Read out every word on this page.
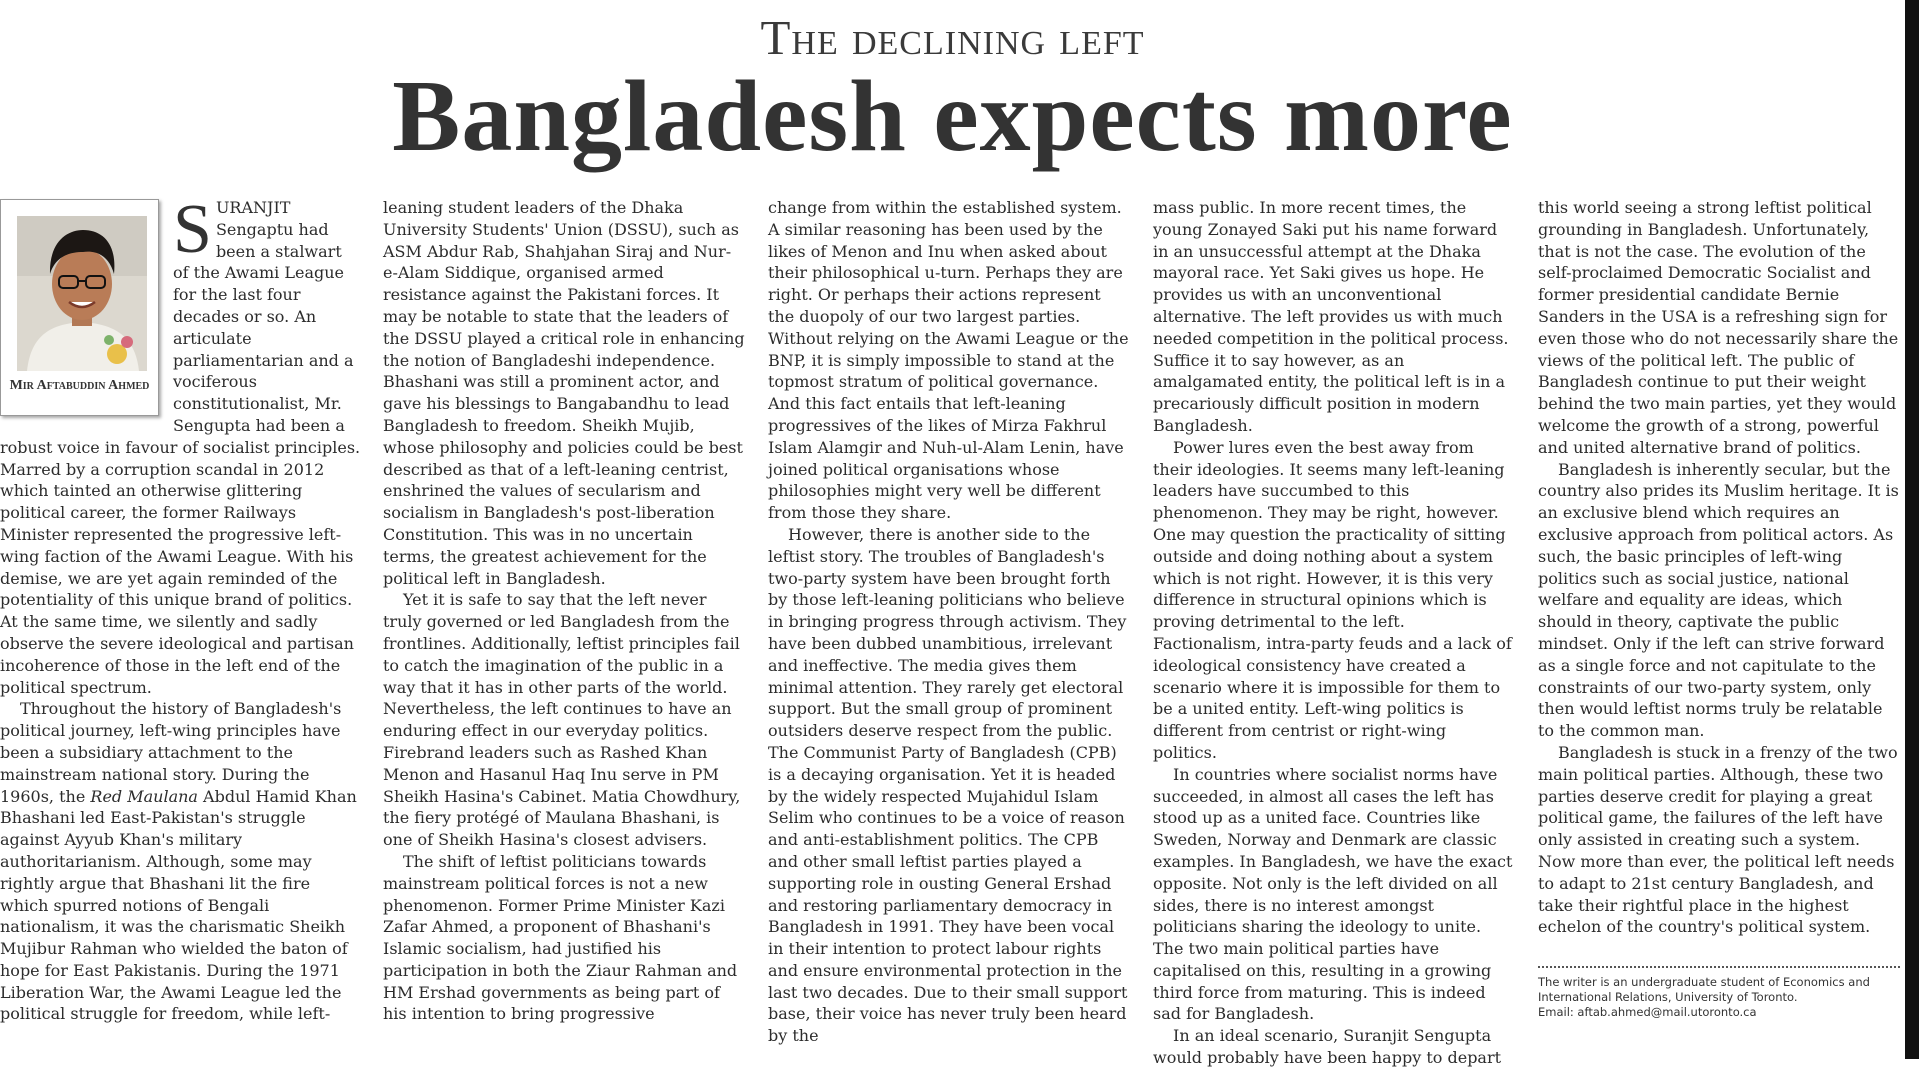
The declining left
Bangladesh expects more
Mir Aftabuddin Ahmed
S URANJIT Sengaptu had been a stalwart of the Awami League for the last four decades or so. An articulate parliamentarian and a vociferous constitutionalist, Mr. Sengupta had been a robust voice in favour of socialist principles. Marred by a corruption scandal in 2012 which tainted an otherwise glittering political career, the former Railways Minister represented the progressive left-wing faction of the Awami League. With his demise, we are yet again reminded of the potentiality of this unique brand of politics. At the same time, we silently and sadly observe the severe ideological and partisan incoherence of those in the left end of the political spectrum.

Throughout the history of Bangladesh's political journey, left-wing principles have been a subsidiary attachment to the mainstream national story. During the 1960s, the Red Maulana Abdul Hamid Khan Bhashani led East-Pakistan's struggle against Ayyub Khan's military authoritarianism. Although, some may rightly argue that Bhashani lit the fire which spurred notions of Bengali nationalism, it was the charismatic Sheikh Mujibur Rahman who wielded the baton of hope for East Pakistanis. During the 1971 Liberation War, the Awami League led the political struggle for freedom, while left-

leaning student leaders of the Dhaka University Students' Union (DSSU), such as ASM Abdur Rab, Shahjahan Siraj and Nur-e-Alam Siddique, organised armed resistance against the Pakistani forces. It may be notable to state that the leaders of the DSSU played a critical role in enhancing the notion of Bangladeshi independence. Bhashani was still a prominent actor, and gave his blessings to Bangabandhu to lead Bangladesh to freedom. Sheikh Mujib, whose philosophy and policies could be best described as that of a left-leaning centrist, enshrined the values of secularism and socialism in Bangladesh's post-liberation Constitution. This was in no uncertain terms, the greatest achievement for the political left in Bangladesh.

Yet it is safe to say that the left never truly governed or led Bangladesh from the frontlines. Additionally, leftist principles fail to catch the imagination of the public in a way that it has in other parts of the world. Nevertheless, the left continues to have an enduring effect in our everyday politics. Firebrand leaders such as Rashed Khan Menon and Hasanul Haq Inu serve in PM Sheikh Hasina's Cabinet. Matia Chowdhury, the fiery protégé of Maulana Bhashani, is one of Sheikh Hasina's closest advisers.

The shift of leftist politicians towards mainstream political forces is not a new phenomenon. Former Prime Minister Kazi Zafar Ahmed, a proponent of Bhashani's Islamic socialism, had justified his participation in both the Ziaur Rahman and HM Ershad governments as being part of his intention to bring progressive

change from within the established system. A similar reasoning has been used by the likes of Menon and Inu when asked about their philosophical u-turn. Perhaps they are right. Or perhaps their actions represent the duopoly of our two largest parties. Without relying on the Awami League or the BNP, it is simply impossible to stand at the topmost stratum of political governance. And this fact entails that left-leaning progressives of the likes of Mirza Fakhrul Islam Alamgir and Nuh-ul-Alam Lenin, have joined political organisations whose philosophies might very well be different from those they share.

However, there is another side to the leftist story. The troubles of Bangladesh's two-party system have been brought forth by those left-leaning politicians who believe in bringing progress through activism. They have been dubbed unambitious, irrelevant and ineffective. The media gives them minimal attention. They rarely get electoral support. But the small group of prominent outsiders deserve respect from the public. The Communist Party of Bangladesh (CPB) is a decaying organisation. Yet it is headed by the widely respected Mujahidul Islam Selim who continues to be a voice of reason and anti-establishment politics. The CPB and other small leftist parties played a supporting role in ousting General Ershad and restoring parliamentary democracy in Bangladesh in 1991. They have been vocal in their intention to protect labour rights and ensure environmental protection in the last two decades. Due to their small support base, their voice has never truly been heard by the

mass public. In more recent times, the young Zonayed Saki put his name forward in an unsuccessful attempt at the Dhaka mayoral race. Yet Saki gives us hope. He provides us with an unconventional alternative. The left provides us with much needed competition in the political process. Suffice it to say however, as an amalgamated entity, the political left is in a precariously difficult position in modern Bangladesh.

Power lures even the best away from their ideologies. It seems many left-leaning leaders have succumbed to this phenomenon. They may be right, however. One may question the practicality of sitting outside and doing nothing about a system which is not right. However, it is this very difference in structural opinions which is proving detrimental to the left. Factionalism, intra-party feuds and a lack of ideological consistency have created a scenario where it is impossible for them to be a united entity. Left-wing politics is different from centrist or right-wing politics.

In countries where socialist norms have succeeded, in almost all cases the left has stood up as a united face. Countries like Sweden, Norway and Denmark are classic examples. In Bangladesh, we have the exact opposite. Not only is the left divided on all sides, there is no interest amongst politicians sharing the ideology to unite. The two main political parties have capitalised on this, resulting in a growing third force from maturing. This is indeed sad for Bangladesh.

In an ideal scenario, Suranjit Sengupta would probably have been happy to depart

this world seeing a strong leftist political grounding in Bangladesh. Unfortunately, that is not the case. The evolution of the self-proclaimed Democratic Socialist and former presidential candidate Bernie Sanders in the USA is a refreshing sign for even those who do not necessarily share the views of the political left. The public of Bangladesh continue to put their weight behind the two main parties, yet they would welcome the growth of a strong, powerful and united alternative brand of politics.

Bangladesh is inherently secular, but the country also prides its Muslim heritage. It is an exclusive blend which requires an exclusive approach from political actors. As such, the basic principles of left-wing politics such as social justice, national welfare and equality are ideas, which should in theory, captivate the public mindset. Only if the left can strive forward as a single force and not capitulate to the constraints of our two-party system, only then would leftist norms truly be relatable to the common man.

Bangladesh is stuck in a frenzy of the two main political parties. Although, these two parties deserve credit for playing a great political game, the failures of the left have only assisted in creating such a system. Now more than ever, the political left needs to adapt to 21st century Bangladesh, and take their rightful place in the highest echelon of the country's political system.

The writer is an undergraduate student of Economics and International Relations, University of Toronto.
Email: aftab.ahmed@mail.utoronto.ca
